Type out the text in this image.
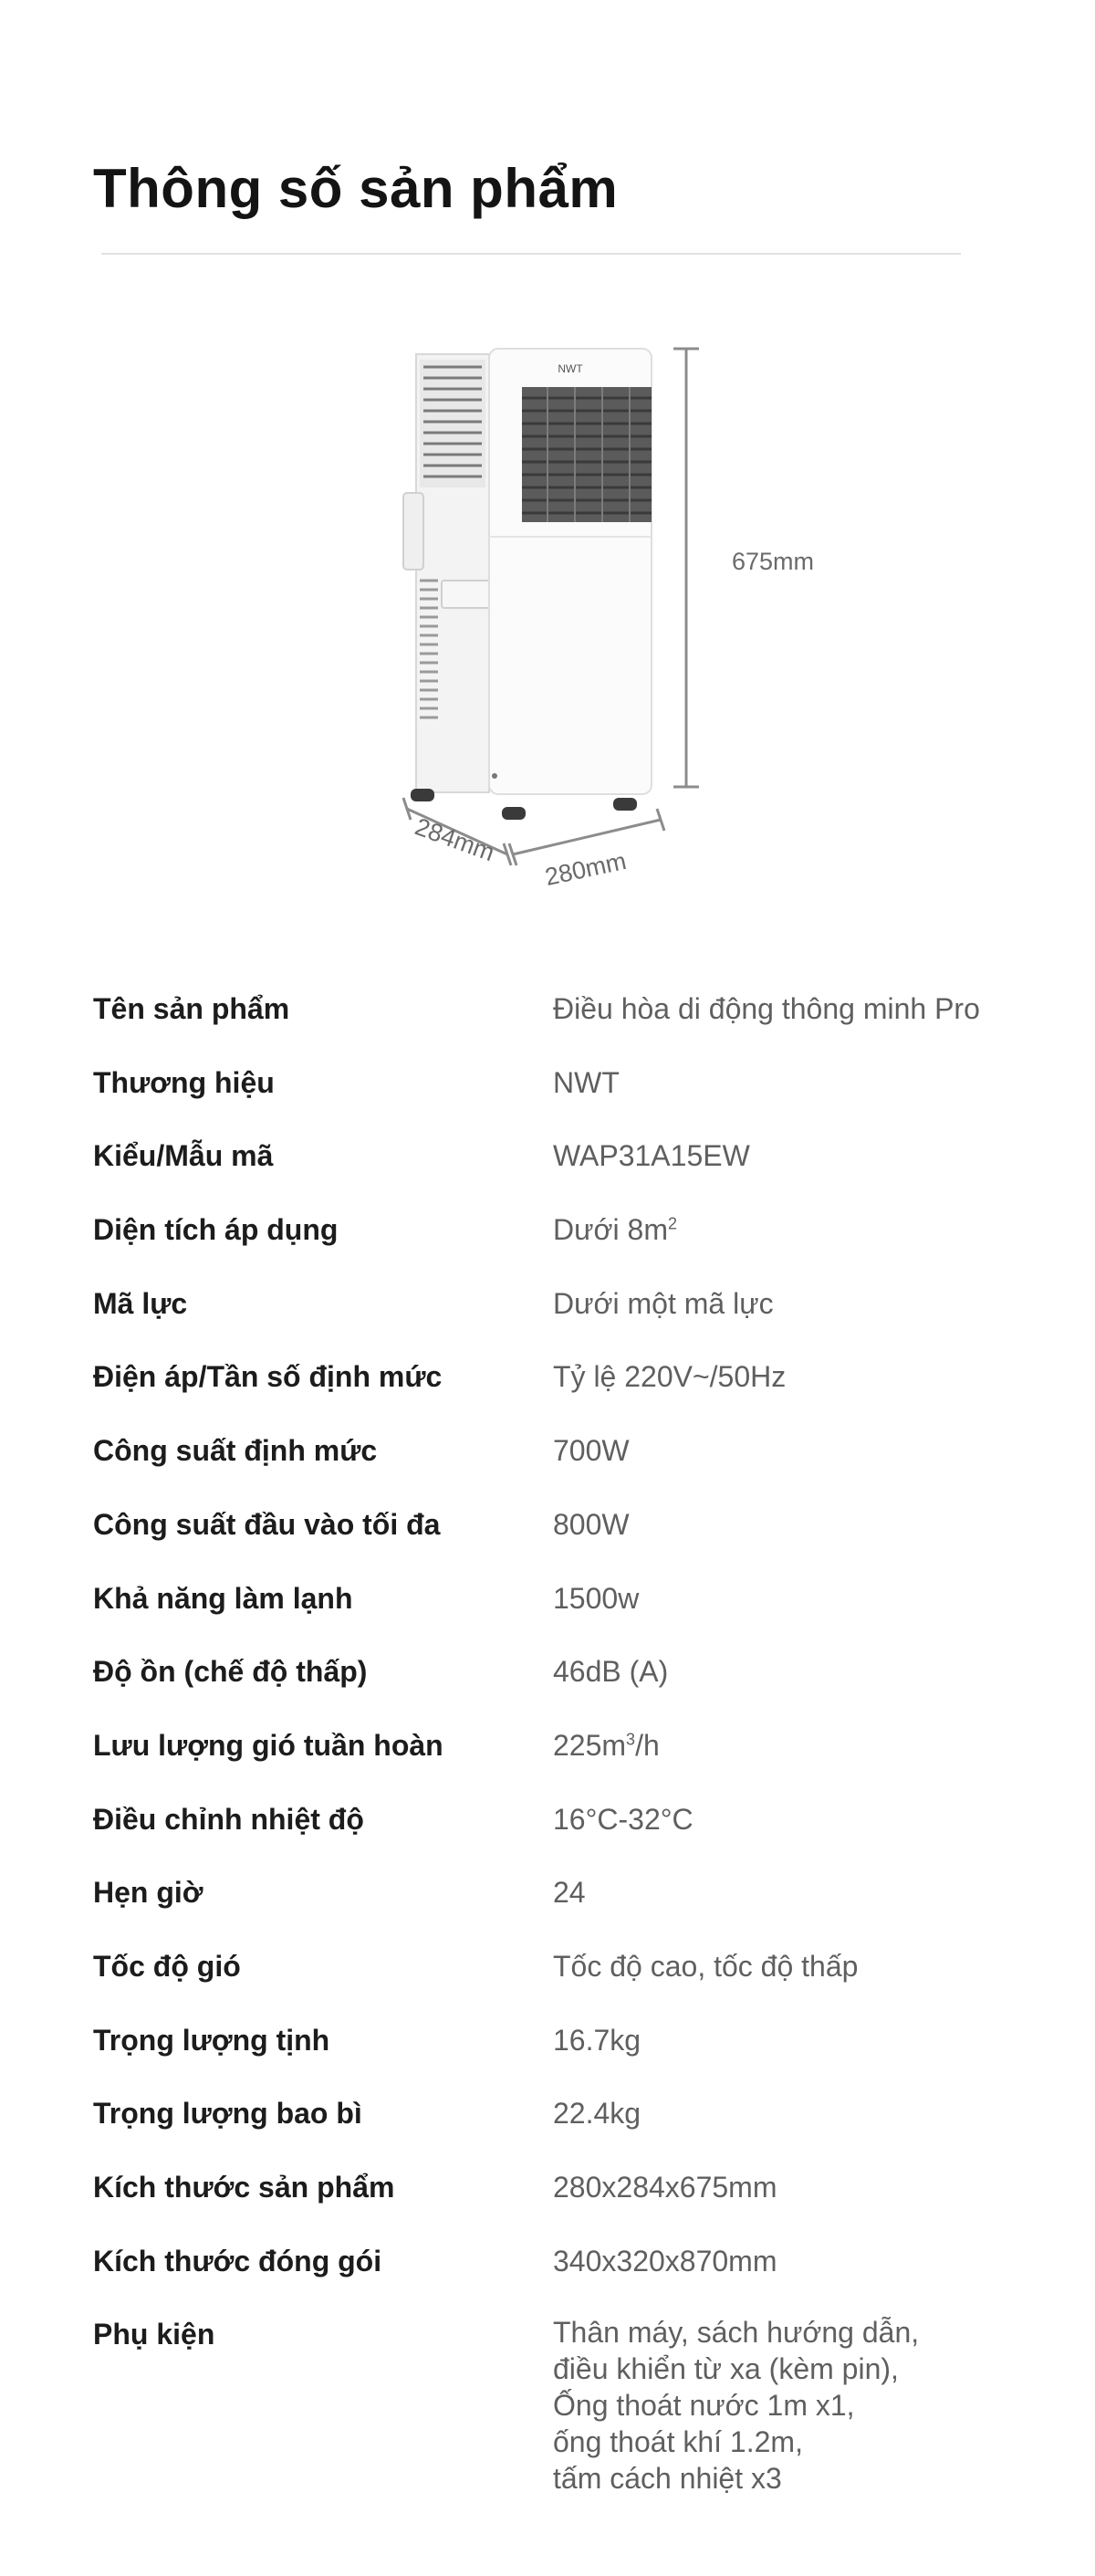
Thông số sản phẩm
NWT
675mm
284mm
280mm
Tên sản phẩm	Điều hòa di động thông minh Pro
Thương hiệu	NWT
Kiểu/Mẫu mã	WAP31A15EW
Diện tích áp dụng	Dưới $8m^2$
Mã lực	Dưới một mã lực
Điện áp/Tần số định mức	Tỷ lệ 220V~/50Hz
Công suất định mức	700W
Công suất đầu vào tối đa	800W
Khả năng làm lạnh	1500w
Độ ồn (chế độ thấp)	46dB (A)
Lưu lượng gió tuần hoàn	$225m^3/h$
Điều chỉnh nhiệt độ	16°C-32°C
Hẹn giờ	24
Tốc độ gió	Tốc độ cao, tốc độ thấp
Trọng lượng tịnh	16.7kg
Trọng lượng bao bì	22.4kg
Kích thước sản phẩm	280x284x675mm
Kích thước đóng gói	340x320x870mm
Phụ kiện	Thân máy, sách hướng dẫn,
điều khiển từ xa (kèm pin),
Ống thoát nước 1m x1,
ống thoát khí 1.2m,
tấm cách nhiệt x3
